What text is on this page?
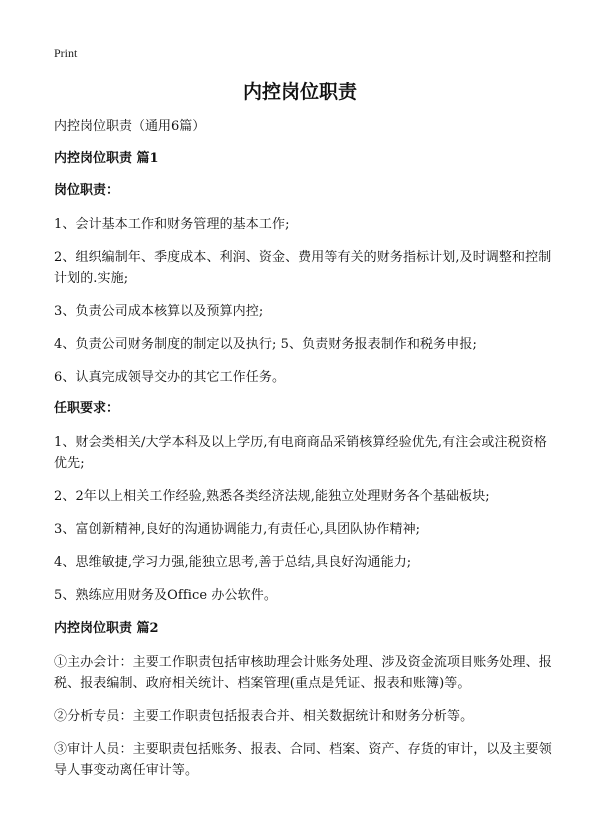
Print
内控岗位职责

内控岗位职责（通用6篇）

内控岗位职责 篇1

岗位职责：

1、会计基本工作和财务管理的基本工作;

2、组织编制年、季度成本、利润、资金、费用等有关的财务指标计划,及时调整和控制计划的.实施;

3、负责公司成本核算以及预算内控;

4、负责公司财务制度的制定以及执行; 5、负责财务报表制作和税务申报;

6、认真完成领导交办的其它工作任务。

任职要求：

1、财会类相关/大学本科及以上学历,有电商商品采销核算经验优先,有注会或注税资格优先;

2、2年以上相关工作经验,熟悉各类经济法规,能独立处理财务各个基础板块;

3、富创新精神,良好的沟通协调能力,有责任心,具团队协作精神;

4、思维敏捷,学习力强,能独立思考,善于总结,具良好沟通能力;

5、熟练应用财务及Office 办公软件。

内控岗位职责 篇2

①主办会计：主要工作职责包括审核助理会计账务处理、涉及资金流项目账务处理、报税、报表编制、政府相关统计、档案管理(重点是凭证、报表和账簿)等。

②分析专员：主要工作职责包括报表合并、相关数据统计和财务分析等。

③审计人员：主要职责包括账务、报表、合同、档案、资产、存货的审计，以及主要领导人事变动离任审计等。
